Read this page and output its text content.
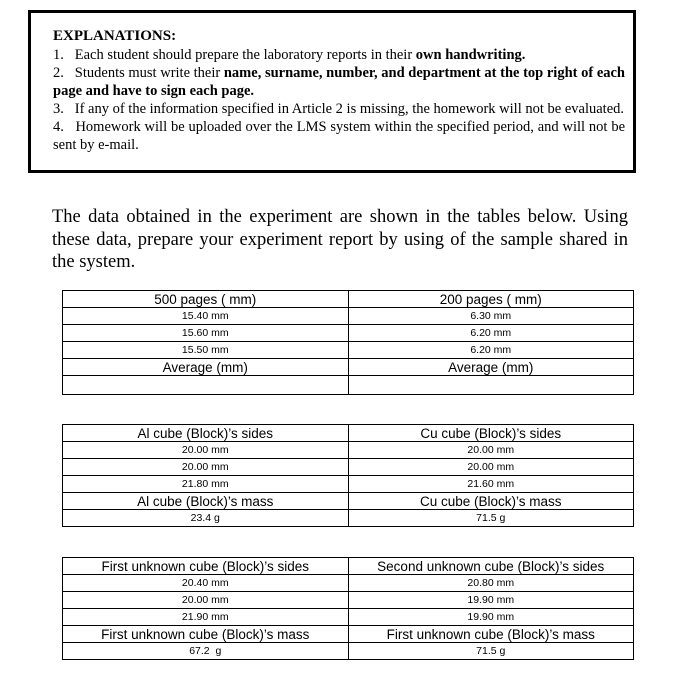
EXPLANATIONS:

1. Each student should prepare the laboratory reports in their own handwriting.

2. Students must write their name, surname, number, and department at the top right of each page and have to sign each page.

3. If any of the information specified in Article 2 is missing, the homework will not be evaluated.

4. Homework will be uploaded over the LMS system within the specified period, and will not be sent by e-mail.

The data obtained in the experiment are shown in the tables below. Using these data, prepare your experiment report by using of the sample shared in the system.

500 pages ( mm)	200 pages ( mm)
15.40 mm	6.30 mm
15.60 mm	6.20 mm
15.50 mm	6.20 mm
Average (mm)	Average (mm)

Al cube (Block)’s sides	Cu cube (Block)’s sides
20.00 mm	20.00 mm
20.00 mm	20.00 mm
21.80 mm	21.60 mm
Al cube (Block)’s mass	Cu cube (Block)’s mass
23.4 g	71.5 g
First unknown cube (Block)’s sides	Second unknown cube (Block)’s sides
20.40 mm	20.80 mm
20.00 mm	19.90 mm
21.90 mm	19.90 mm
First unknown cube (Block)’s mass	First unknown cube (Block)’s mass
67.2  g	71.5 g
